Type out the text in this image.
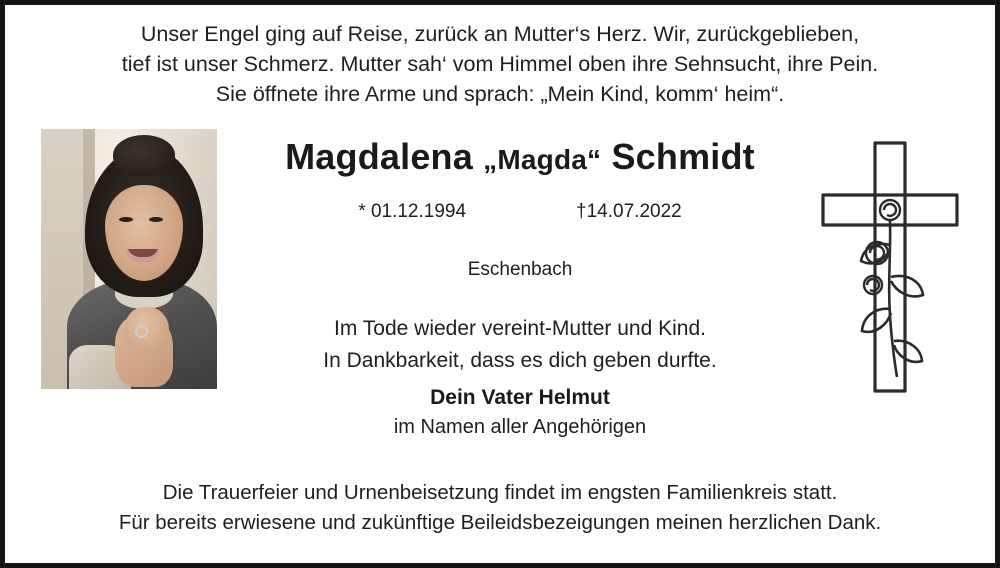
Unser Engel ging auf Reise, zurück an Mutter‘s Herz. Wir, zurückgeblieben,
tief ist unser Schmerz. Mutter sah‘ vom Himmel oben ihre Sehnsucht, ihre Pein.
Sie öffnete ihre Arme und sprach: „Mein Kind, komm‘ heim“.
Magdalena „Magda“ Schmidt
* 01.12.1994	†14.07.2022
Eschenbach
Im Tode wieder vereint-Mutter und Kind.
In Dankbarkeit, dass es dich geben durfte.
Dein Vater Helmut
im Namen aller Angehörigen
Die Trauerfeier und Urnenbeisetzung findet im engsten Familienkreis statt.
Für bereits erwiesene und zukünftige Beileidsbezeigungen meinen herzlichen Dank.
